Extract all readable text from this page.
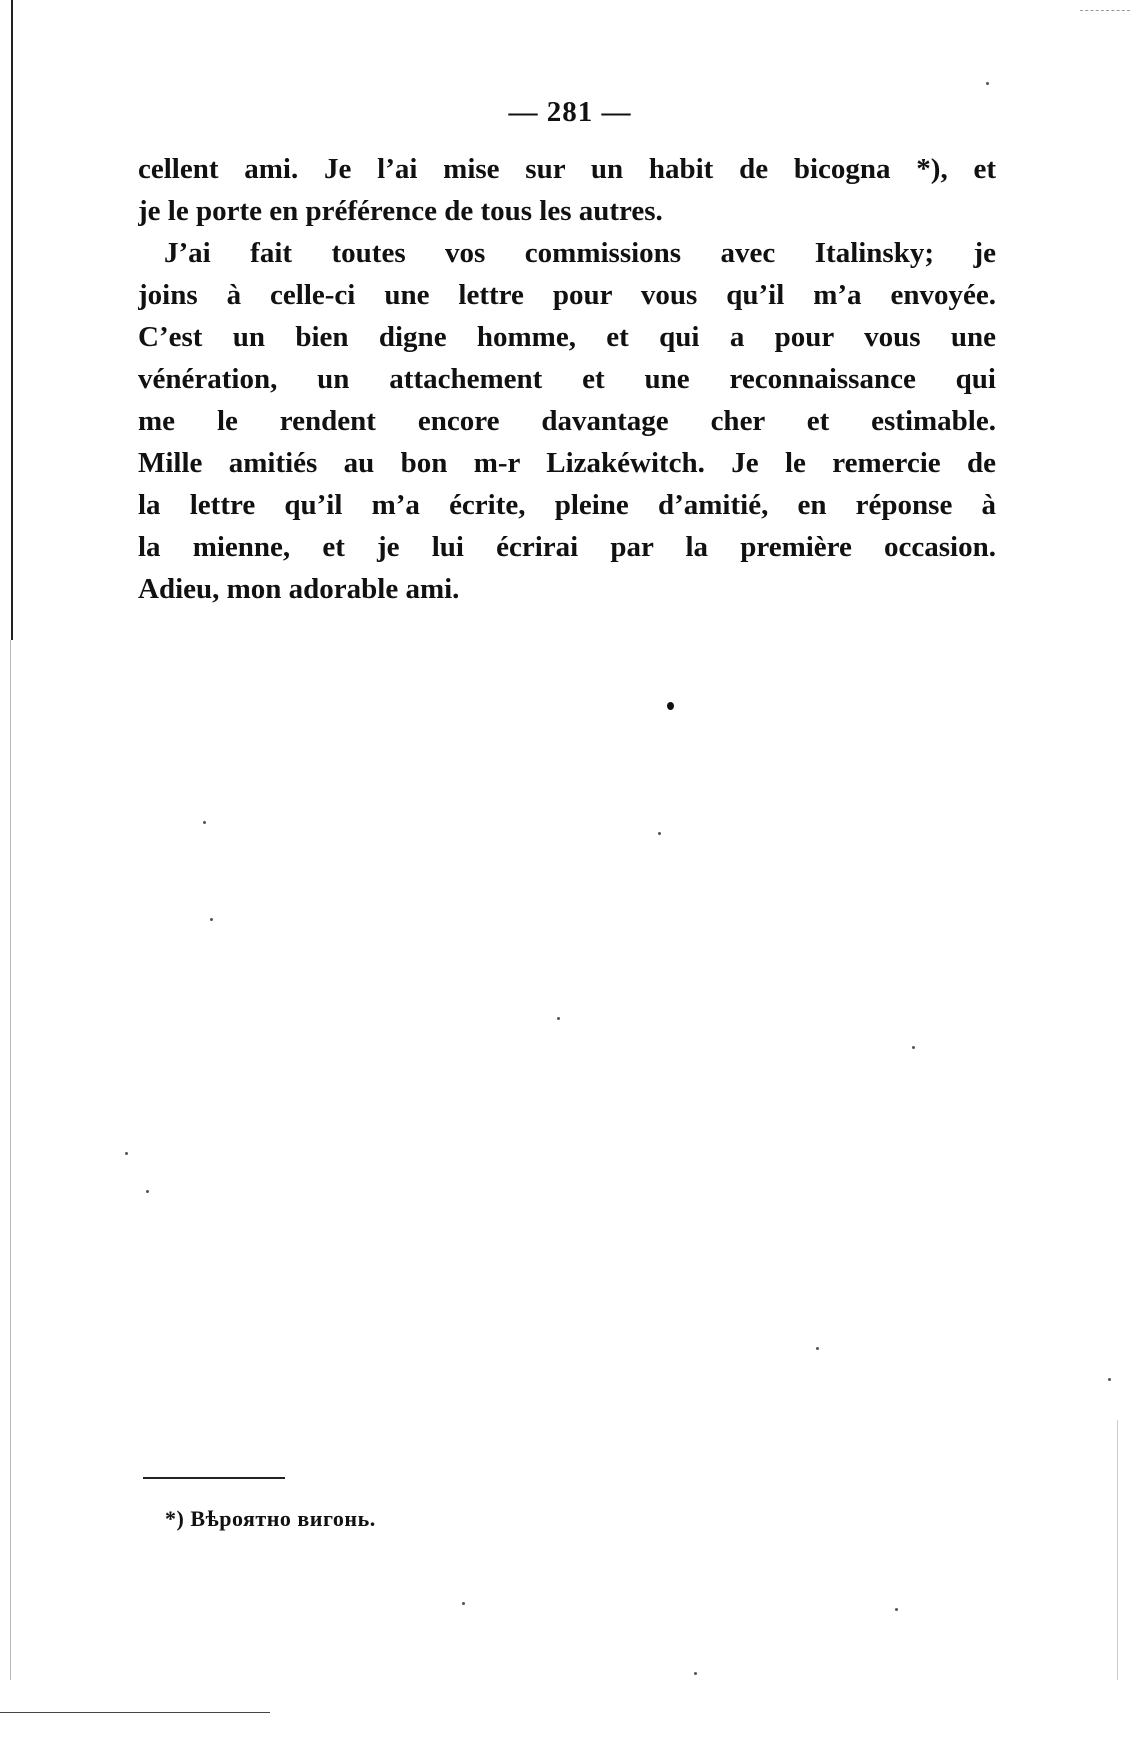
— 281 —
cellent ami. Je l’ai mise sur un habit de bicogna *), et
je le porte en préférence de tous les autres.
J’ai fait toutes vos commissions avec Italinsky; je
joins à celle-ci une lettre pour vous qu’il m’a envoyée.
C’est un bien digne homme, et qui a pour vous une
vénération, un attachement et une reconnaissance qui
me le rendent encore davantage cher et estimable.
Mille amitiés au bon m-r Lizakéwitch. Je le remercie de
la lettre qu’il m’a écrite, pleine d’amitié, en réponse à
la mienne, et je lui écrirai par la première occasion.
Adieu, mon adorable ami.
*) Вѣроятно вигонь.
